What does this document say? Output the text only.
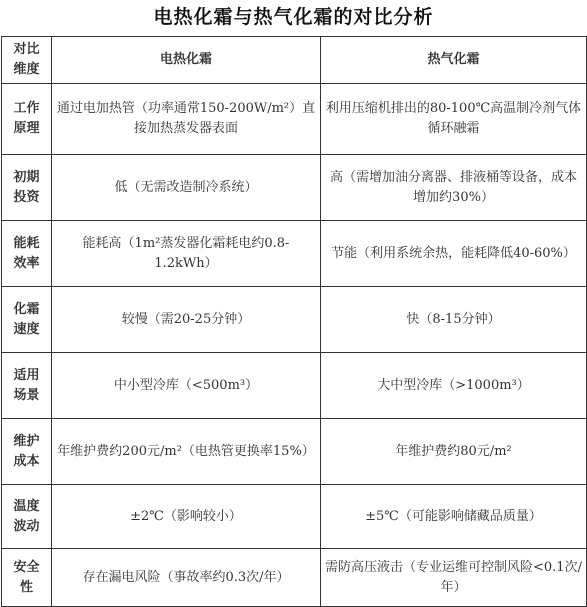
电热化霜与热气化霜的对比分析
对比维度	电热化霜	热气化霜
工作原理	通过电加热管（功率通常150-200W/m²）直接加热蒸发器表面	利用压缩机排出的80-100℃高温制冷剂气体循环融霜
初期投资	低（无需改造制冷系统）	高（需增加油分离器、排液桶等设备，成本增加约30%）
能耗效率	能耗高（1m²蒸发器化霜耗电约0.8-1.2kWh）	节能（利用系统余热，能耗降低40-60%）
化霜速度	较慢（需20-25分钟）	快（8-15分钟）
适用场景	中小型冷库（<500m³）	大中型冷库（>1000m³）
维护成本	年维护费约200元/m²（电热管更换率15%）	年维护费约80元/m²
温度波动	±2℃（影响较小）	±5℃（可能影响储藏品质量）
安全性	存在漏电风险（事故率约0.3次/年）	需防高压液击（专业运维可控制风险<0.1次/年）
